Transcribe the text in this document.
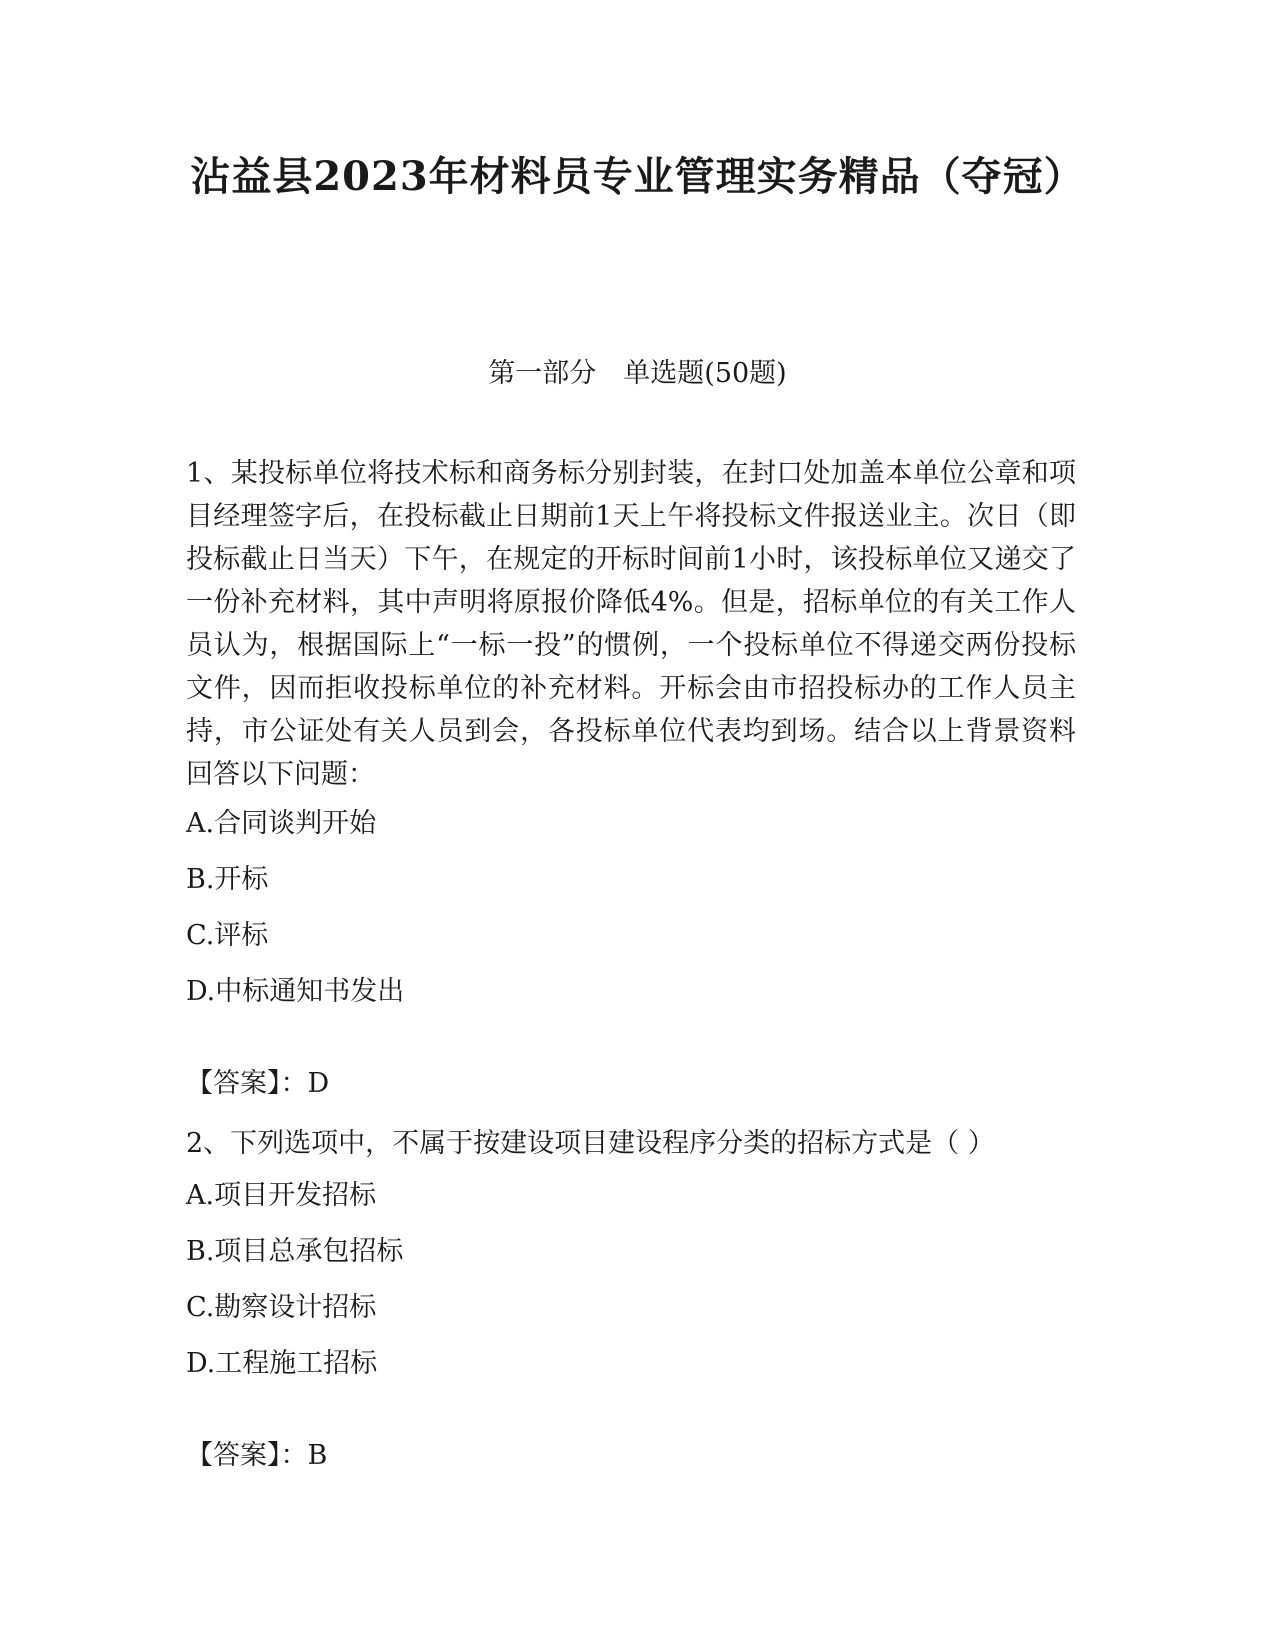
沾益县2023年材料员专业管理实务精品（夺冠）
第一部分　单选题(50题)

1、某投标单位将技术标和商务标分别封装，在封口处加盖本单位公章和项目经理签字后，在投标截止日期前1天上午将投标文件报送业主。次日（即投标截止日当天）下午，在规定的开标时间前1小时，该投标单位又递交了一份补充材料，其中声明将原报价降低4%。但是，招标单位的有关工作人员认为，根据国际上“一标一投”的惯例，一个投标单位不得递交两份投标文件，因而拒收投标单位的补充材料。开标会由市招投标办的工作人员主持，市公证处有关人员到会，各投标单位代表均到场。结合以上背景资料回答以下问题：

A.合同谈判开始

B.开标

C.评标

D.中标通知书发出

【答案】：D

2、下列选项中，不属于按建设项目建设程序分类的招标方式是（ ）

A.项目开发招标

B.项目总承包招标

C.勘察设计招标

D.工程施工招标

【答案】：B
